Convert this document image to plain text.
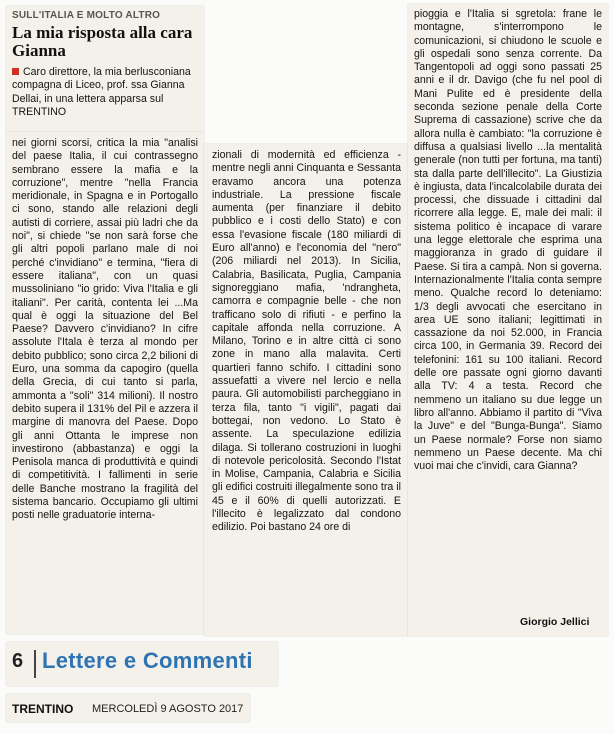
SULL'ITALIA E MOLTO ALTRO
La mia risposta alla cara Gianna
Caro direttore, la mia berlusconiana compagna di Liceo, prof. ssa Gianna Dellai, in una lettera apparsa sul TRENTINO

nei giorni scorsi, critica la mia "analisi del paese Italia, il cui contrassegno sembrano essere la mafia e la corruzione", mentre "nella Francia meridionale, in Spagna e in Portogallo ci sono, stando alle relazioni degli autisti di corriere, assai più ladri che da noi", si chiede "se non sarà forse che gli altri popoli parlano male di noi perché c'invidiano" e termina, "fiera di essere italiana", con un quasi mussoliniano "io grido: Viva l'Italia e gli italiani". Per carità, contenta lei ...Ma qual è oggi la situazione del Bel Paese? Davvero c'invidiano? In cifre assolute l'Itala è terza al mondo per debito pubblico; sono circa 2,2 bilioni di Euro, una somma da capogiro (quella della Grecia, di cui tanto si parla, ammonta a "soli" 314 milioni). Il nostro debito supera il 131% del Pil e azzera il margine di manovra del Paese. Dopo gli anni Ottanta le imprese non investirono (abbastanza) e oggi la Penisola manca di produttività e quindi di competitività. I fallimenti in serie delle Banche mostrano la fragilità del sistema bancario. Occupiamo gli ultimi posti nelle graduatorie interna-

zionali di modernità ed efficienza - mentre negli anni Cinquanta e Sessanta eravamo ancora una potenza industriale. La pressione fiscale aumenta (per finanziare il debito pubblico e i costi dello Stato) e con essa l'evasione fiscale (180 miliardi di Euro all'anno) e l'economia del "nero" (206 miliardi nel 2013). In Sicilia, Calabria, Basilicata, Puglia, Campania signoreggiano mafia, 'ndrangheta, camorra e compagnie belle - che non trafficano solo di rifiuti - e perfino la capitale affonda nella corruzione. A Milano, Torino e in altre città ci sono zone in mano alla malavita. Certi quartieri fanno schifo. I cittadini sono assuefatti a vivere nel lercio e nella paura. Gli automobilisti parcheggiano in terza fila, tanto "i vigili", pagati dai bottegai, non vedono. Lo Stato è assente. La speculazione edilizia dilaga. Si tollerano costruzioni in luoghi di notevole pericolosità. Secondo l'Istat in Molise, Campania, Calabria e Sicilia gli edifici costruiti illegalmente sono tra il 45 e il 60% di quelli autorizzati. E l'illecito è legalizzato dal condono edilizio. Poi bastano 24 ore di

pioggia e l'Italia si sgretola: frane le montagne, s'interrompono le comunicazioni, si chiudono le scuole e gli ospedali sono senza corrente. Da Tangentopoli ad oggi sono passati 25 anni e il dr. Davigo (che fu nel pool di Mani Pulite ed è presidente della seconda sezione penale della Corte Suprema di cassazione) scrive che da allora nulla è cambiato: "la corruzione è diffusa a qualsiasi livello ...la mentalità generale (non tutti per fortuna, ma tanti) sta dalla parte dell'illecito". La Giustizia è ingiusta, data l'incalcolabile durata dei processi, che dissuade i cittadini dal ricorrere alla legge. E, male dei mali: il sistema politico è incapace di varare una legge elettorale che esprima una maggioranza in grado di guidare il Paese. Si tira a campà. Non si governa. Internazionalmente l'Italia conta sempre meno. Qualche record lo deteniamo: 1/3 degli avvocati che esercitano in area UE sono italiani; legittimati in cassazione da noi 52.000, in Francia circa 100, in Germania 39. Record dei telefonini: 161 su 100 italiani. Record delle ore passate ogni giorno davanti alla TV: 4 a testa. Record che nemmeno un italiano su due legge un libro all'anno. Abbiamo il partito di "Viva la Juve" e del "Bunga-Bunga". Siamo un Paese normale? Forse non siamo nemmeno un Paese decente. Ma chi vuoi mai che c'invidi, cara Gianna?

Giorgio Jellici
6 Lettere e Commenti
TRENTINO MERCOLEDÌ 9 AGOSTO 2017
